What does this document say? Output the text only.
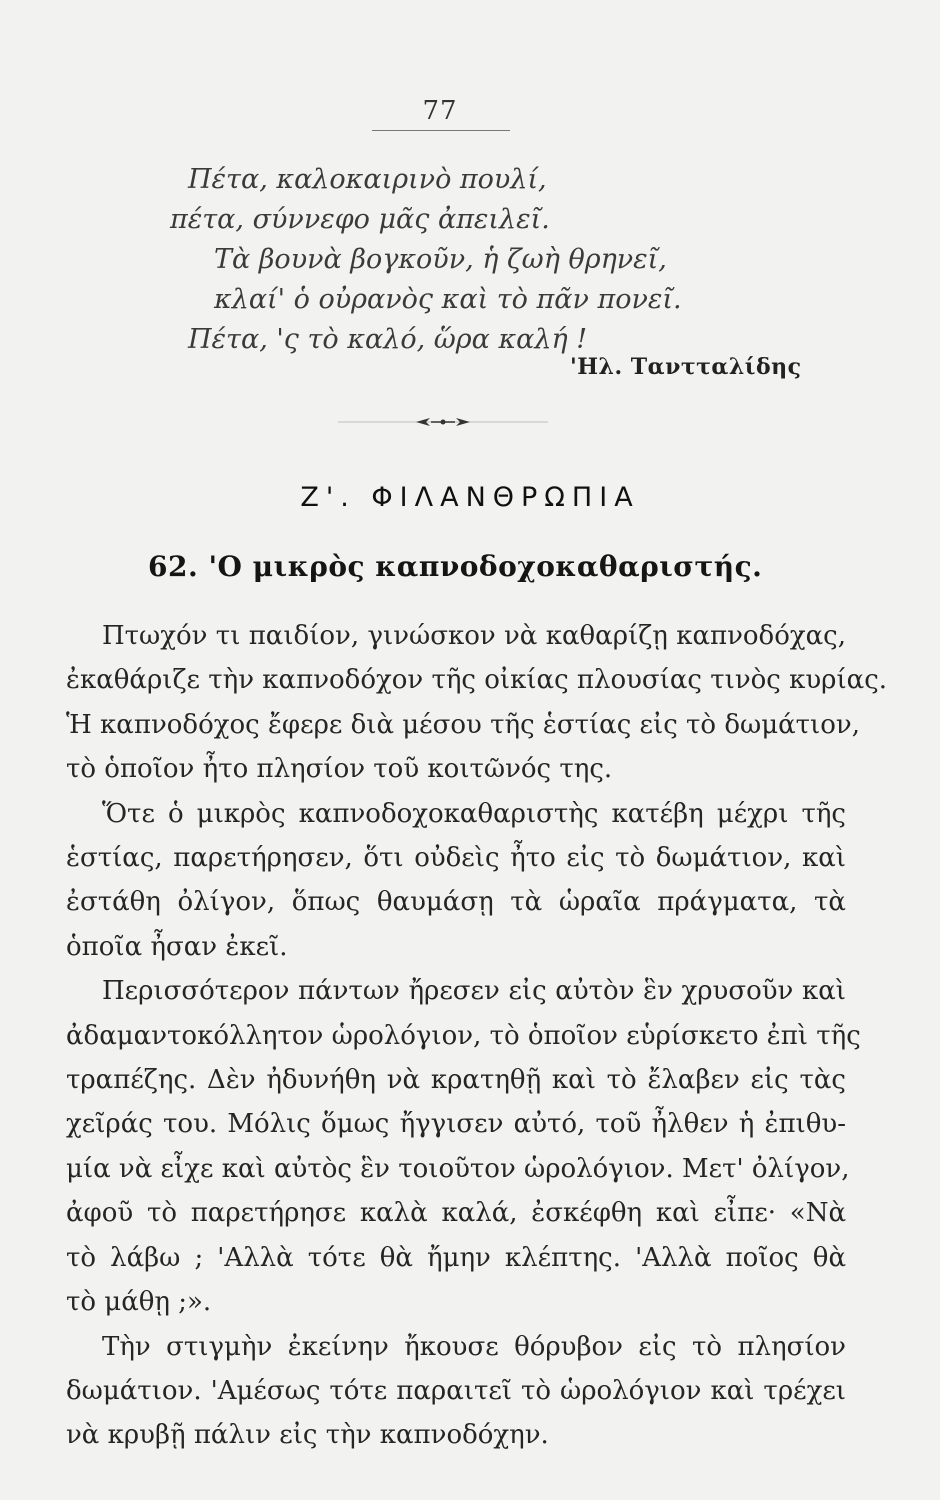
77
Πέτα, καλοκαιρινὸ πουλί,
πέτα, σύννεφο μᾶς ἀπειλεῖ.
Τὰ βουνὰ βογκοῦν, ἡ ζωὴ θρηνεῖ,
κλαί' ὁ οὐρανὸς καὶ τὸ πᾶν πονεῖ.
Πέτα, 'ς τὸ καλό, ὥρα καλή !
'Ηλ. Ταντταλίδης
Ζ'. ΦΙΛΑΝΘΡΩΠΙΑ
62. 'Ο μικρὸς καπνοδοχοκαθαριστής.
Πτωχόν τι παιδίον, γινώσκον νὰ καθαρίζῃ καπνοδόχας,
ἐκαθάριζε τὴν καπνοδόχον τῆς οἰκίας πλουσίας τινὸς κυρίας.
Ἡ καπνοδόχος ἔφερε διὰ μέσου τῆς ἑστίας εἰς τὸ δωμάτιον,
τὸ ὁποῖον ἦτο πλησίον τοῦ κοιτῶνός της.
Ὅτε ὁ μικρὸς καπνοδοχοκαθαριστὴς κατέβη μέχρι τῆς
ἑστίας, παρετήρησεν, ὅτι οὐδεὶς ἦτο εἰς τὸ δωμάτιον, καὶ
ἐστάθη ὀλίγον, ὅπως θαυμάσῃ τὰ ὡραῖα πράγματα, τὰ
ὁποῖα ἦσαν ἐκεῖ.
Περισσότερον πάντων ἤρεσεν εἰς αὐτὸν ἓν χρυσοῦν καὶ
ἀδαμαντοκόλλητον ὡρολόγιον, τὸ ὁποῖον εὑρίσκετο ἐπὶ τῆς
τραπέζης. Δὲν ἠδυνήθη νὰ κρατηθῇ καὶ τὸ ἔλαβεν εἰς τὰς
χεῖράς του. Μόλις ὅμως ἤγγισεν αὐτό, τοῦ ἦλθεν ἡ ἐπιθυ-
μία νὰ εἶχε καὶ αὐτὸς ἓν τοιοῦτον ὡρολόγιον. Μετ' ὀλίγον,
ἀφοῦ τὸ παρετήρησε καλὰ καλά, ἐσκέφθη καὶ εἶπε· «Νὰ
τὸ λάβω ; 'Αλλὰ τότε θὰ ἤμην κλέπτης. 'Αλλὰ ποῖος θὰ
τὸ μάθῃ ;».
Τὴν στιγμὴν ἐκείνην ἤκουσε θόρυβον εἰς τὸ πλησίον
δωμάτιον. 'Αμέσως τότε παραιτεῖ τὸ ὡρολόγιον καὶ τρέχει
νὰ κρυβῇ πάλιν εἰς τὴν καπνοδόχην.
